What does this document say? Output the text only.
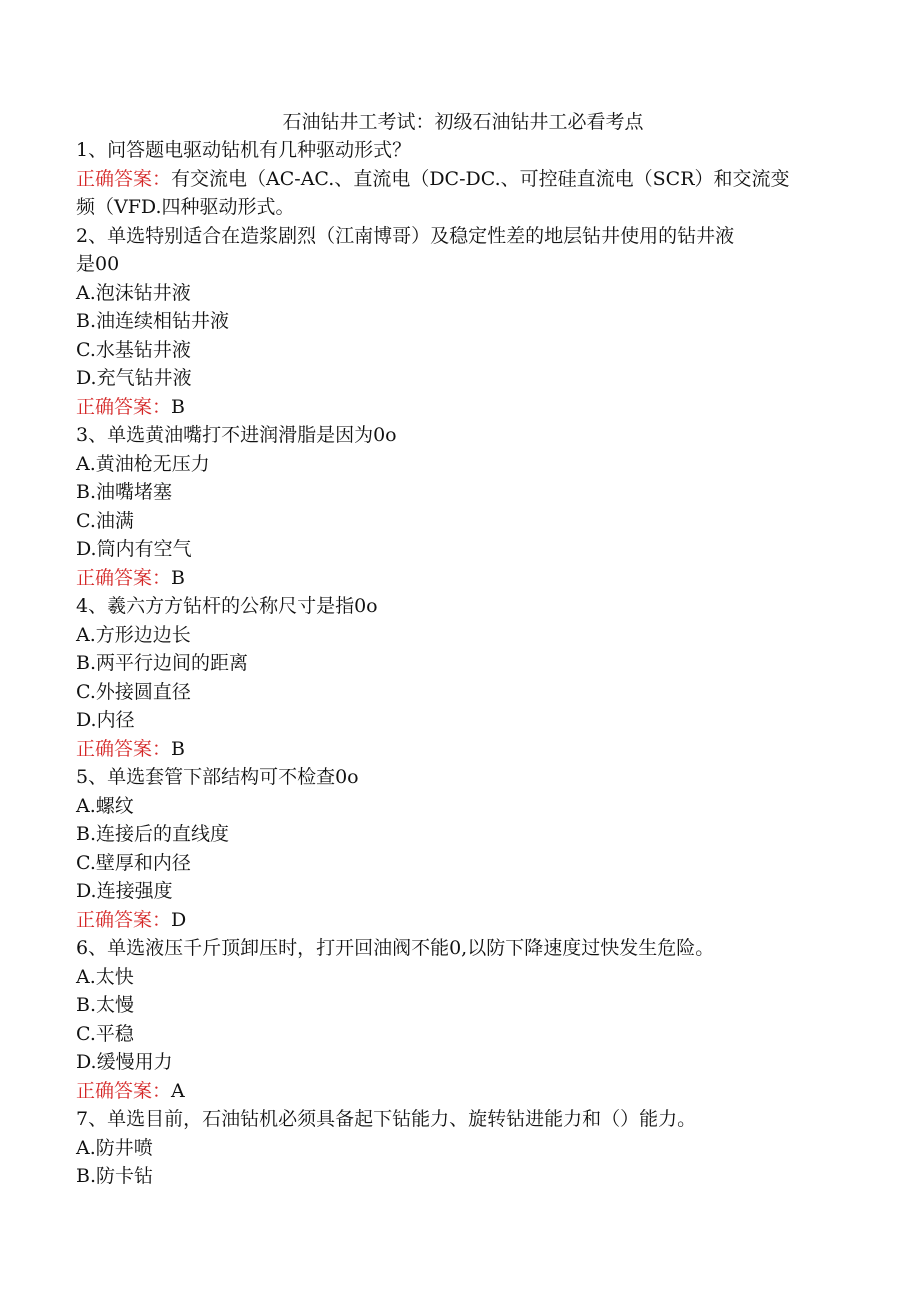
石油钻井工考试：初级石油钻井工必看考点

1、问答题电驱动钻机有几种驱动形式？

正确答案：有交流电（AC-AC.、直流电（DC-DC.、可控硅直流电（SCR）和交流变

频（VFD.四种驱动形式。

2、单选特别适合在造浆剧烈（江南博哥）及稳定性差的地层钻井使用的钻井液

是00

A.泡沫钻井液

B.油连续相钻井液

C.水基钻井液

D.充气钻井液

正确答案：B

3、单选黄油嘴打不进润滑脂是因为0o

A.黄油枪无压力

B.油嘴堵塞

C.油满

D.筒内有空气

正确答案：B

4、羲六方方钻杆的公称尺寸是指0o

A.方形边边长

B.两平行边间的距离

C.外接圆直径

D.内径

正确答案：B

5、单选套管下部结构可不检查0o

A.螺纹

B.连接后的直线度

C.壁厚和内径

D.连接强度

正确答案：D

6、单选液压千斤顶卸压时，打开回油阀不能0,以防下降速度过快发生危险。

A.太快

B.太慢

C.平稳

D.缓慢用力

正确答案：A

7、单选目前，石油钻机必须具备起下钻能力、旋转钻进能力和（）能力。

A.防井喷

B.防卡钻
